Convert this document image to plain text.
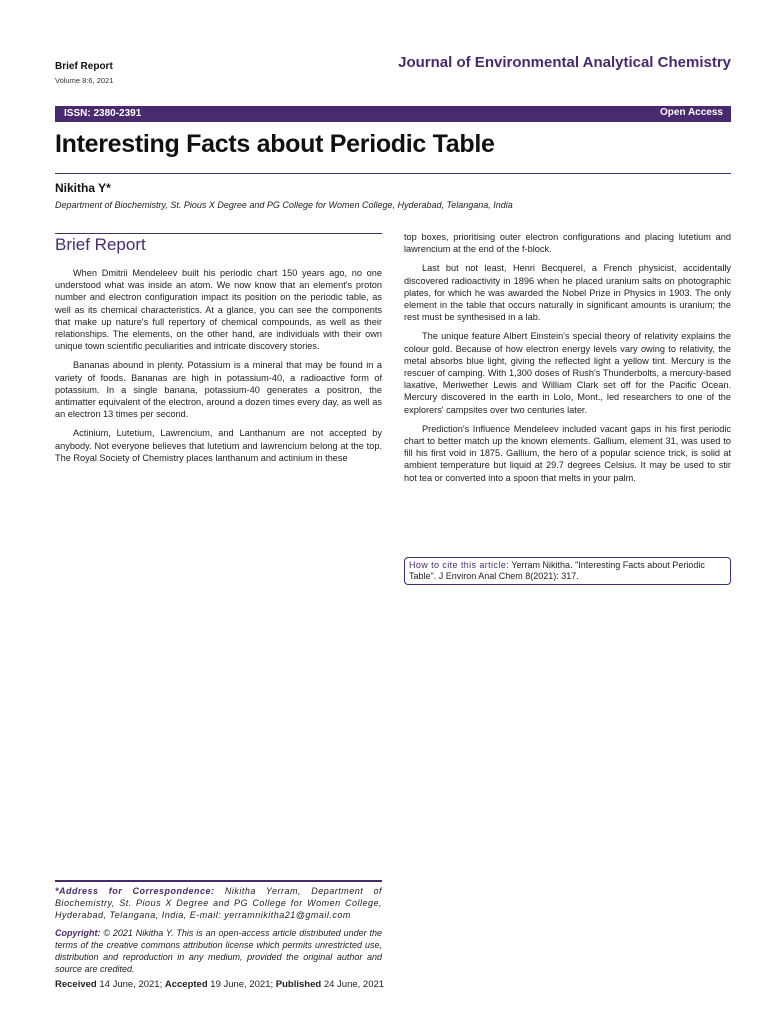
Brief Report
Volume 8:6, 2021
Journal of Environmental Analytical Chemistry
ISSN: 2380-2391	Open Access
Interesting Facts about Periodic Table
Nikitha Y*
Department of Biochemistry, St. Pious X Degree and PG College for Women College, Hyderabad, Telangana, India
Brief Report

When Dmitrii Mendeleev built his periodic chart 150 years ago, no one understood what was inside an atom. We now know that an element's proton number and electron configuration impact its position on the periodic table, as well as its chemical characteristics. At a glance, you can see the components that make up nature's full repertory of chemical compounds, as well as their relationships. The elements, on the other hand, are individuals with their own unique town scientific peculiarities and intricate discovery stories.

Bananas abound in plenty. Potassium is a mineral that may be found in a variety of foods. Bananas are high in potassium-40, a radioactive form of potassium. In a single banana, potassium-40 generates a positron, the antimatter equivalent of the electron, around a dozen times every day, as well as an electron 13 times per second.

Actinium, Lutetium, Lawrencium, and Lanthanum are not accepted by anybody. Not everyone believes that lutetium and lawrencium belong at the top. The Royal Society of Chemistry places lanthanum and actinium in these

top boxes, prioritising outer electron configurations and placing lutetium and lawrencium at the end of the f-block.

Last but not least, Henri Becquerel, a French physicist, accidentally discovered radioactivity in 1896 when he placed uranium salts on photographic plates, for which he was awarded the Nobel Prize in Physics in 1903. The only element in the table that occurs naturally in significant amounts is uranium; the rest must be synthesised in a lab.

The unique feature Albert Einstein's special theory of relativity explains the colour gold. Because of how electron energy levels vary owing to relativity, the metal absorbs blue light, giving the reflected light a yellow tint. Mercury is the rescuer of camping. With 1,300 doses of Rush's Thunderbolts, a mercury-based laxative, Meriwether Lewis and William Clark set off for the Pacific Ocean. Mercury discovered in the earth in Lolo, Mont., led researchers to one of the explorers' campsites over two centuries later.

Prediction's Influence Mendeleev included vacant gaps in his first periodic chart to better match up the known elements. Gallium, element 31, was used to fill his first void in 1875. Gallium, the hero of a popular science trick, is solid at ambient temperature but liquid at 29.7 degrees Celsius. It may be used to stir hot tea or converted into a spoon that melts in your palm.

How to cite this article: Yerram Nikitha. "Interesting Facts about Periodic Table". J Environ Anal Chem 8(2021): 317.
*Address for Correspondence: Nikitha Yerram, Department of Biochemistry, St. Pious X Degree and PG College for Women College, Hyderabad, Telangana, India, E-mail: yerramnikitha21@gmail.com
Copyright: © 2021 Nikitha Y. This is an open-access article distributed under the terms of the creative commons attribution license which permits unrestricted use, distribution and reproduction in any medium, provided the original author and source are credited.
Received 14 June, 2021; Accepted 19 June, 2021; Published 24 June, 2021
